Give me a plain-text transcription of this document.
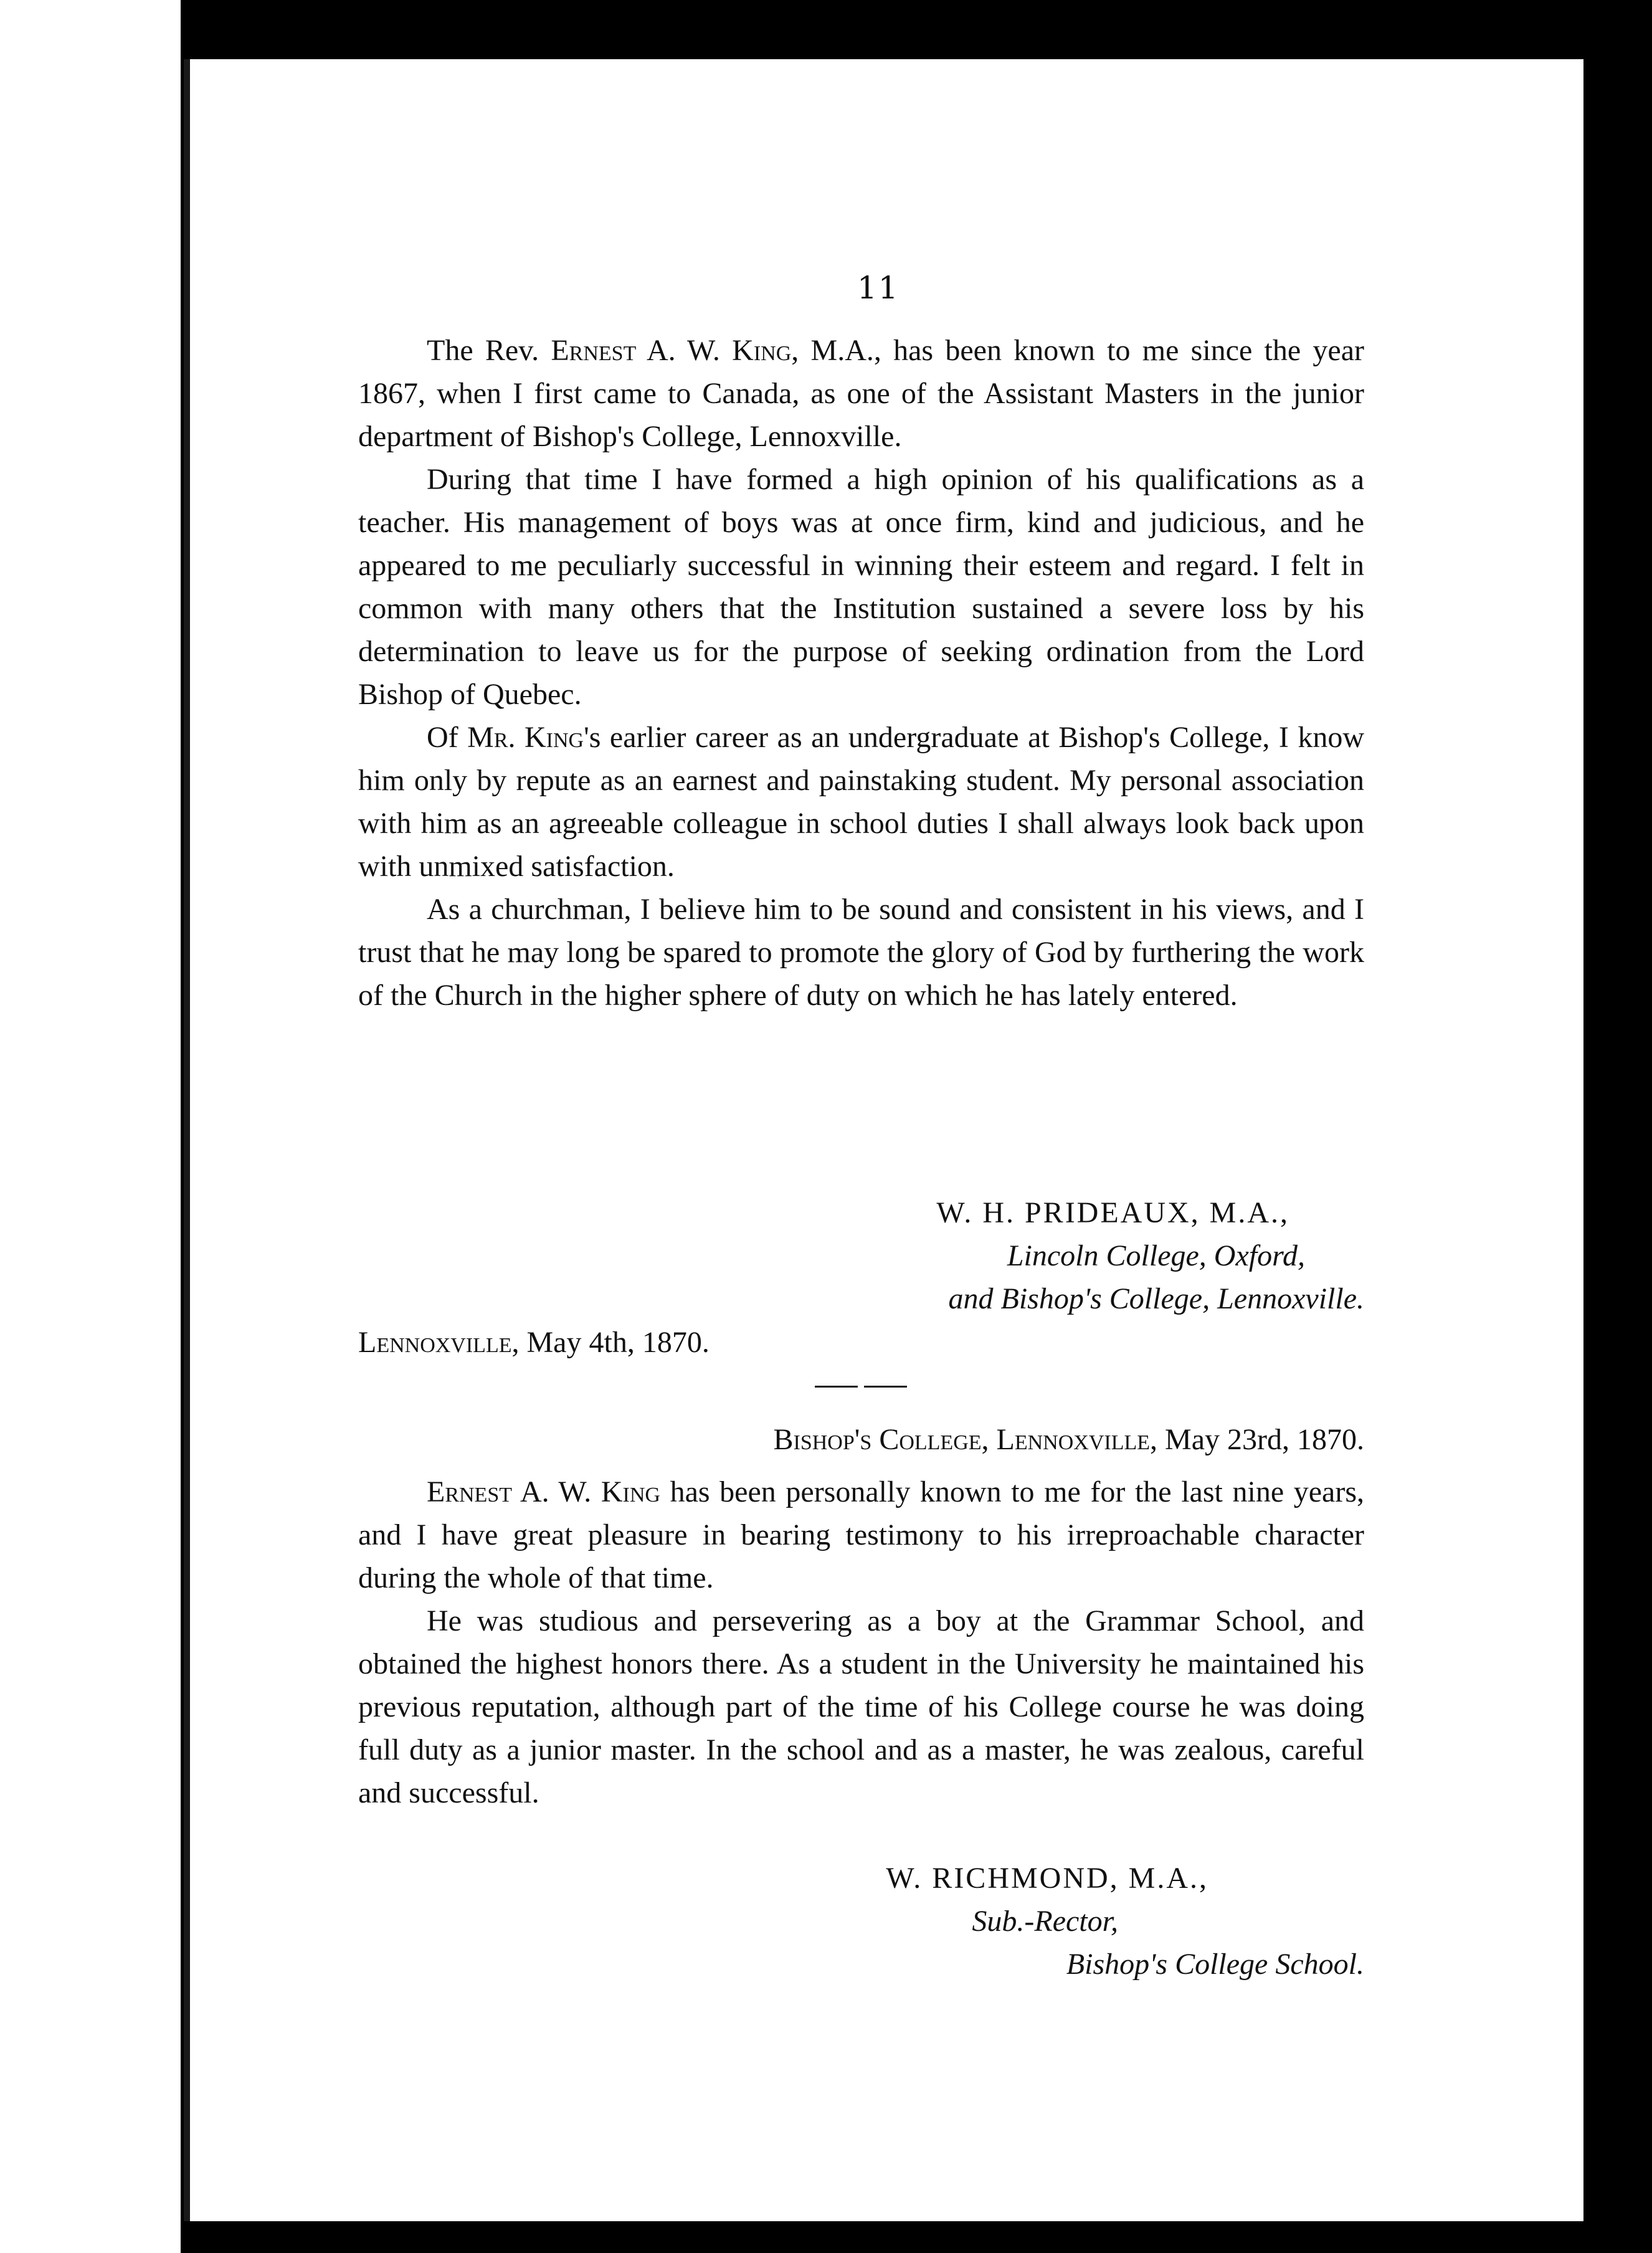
11

The Rev. Ernest A. W. King, M.A., has been known to me since the year 1867, when I first came to Canada, as one of the Assistant Masters in the junior department of Bishop's College, Lennoxville.

During that time I have formed a high opinion of his qualifications as a teacher. His management of boys was at once firm, kind and judicious, and he appeared to me peculiarly successful in winning their esteem and regard. I felt in common with many others that the Institution sustained a severe loss by his determination to leave us for the purpose of seeking ordination from the Lord Bishop of Quebec.

Of Mr. King's earlier career as an undergraduate at Bishop's College, I know him only by repute as an earnest and painstaking student. My personal association with him as an agreeable colleague in school duties I shall always look back upon with unmixed satisfaction.

As a churchman, I believe him to be sound and consistent in his views, and I trust that he may long be spared to promote the glory of God by furthering the work of the Church in the higher sphere of duty on which he has lately entered.

W. H. PRIDEAUX, M.A.,
Lincoln College, Oxford,
and Bishop's College, Lennoxville.
Lennoxville, May 4th, 1870.
Bishop's College, Lennoxville, May 23rd, 1870.

Ernest A. W. King has been personally known to me for the last nine years, and I have great pleasure in bearing testimony to his irreproachable character during the whole of that time.

He was studious and persevering as a boy at the Grammar School, and obtained the highest honors there. As a student in the University he maintained his previous reputation, although part of the time of his College course he was doing full duty as a junior master. In the school and as a master, he was zealous, careful and successful.

W. RICHMOND, M.A.,
Sub.-Rector,
Bishop's College School.
